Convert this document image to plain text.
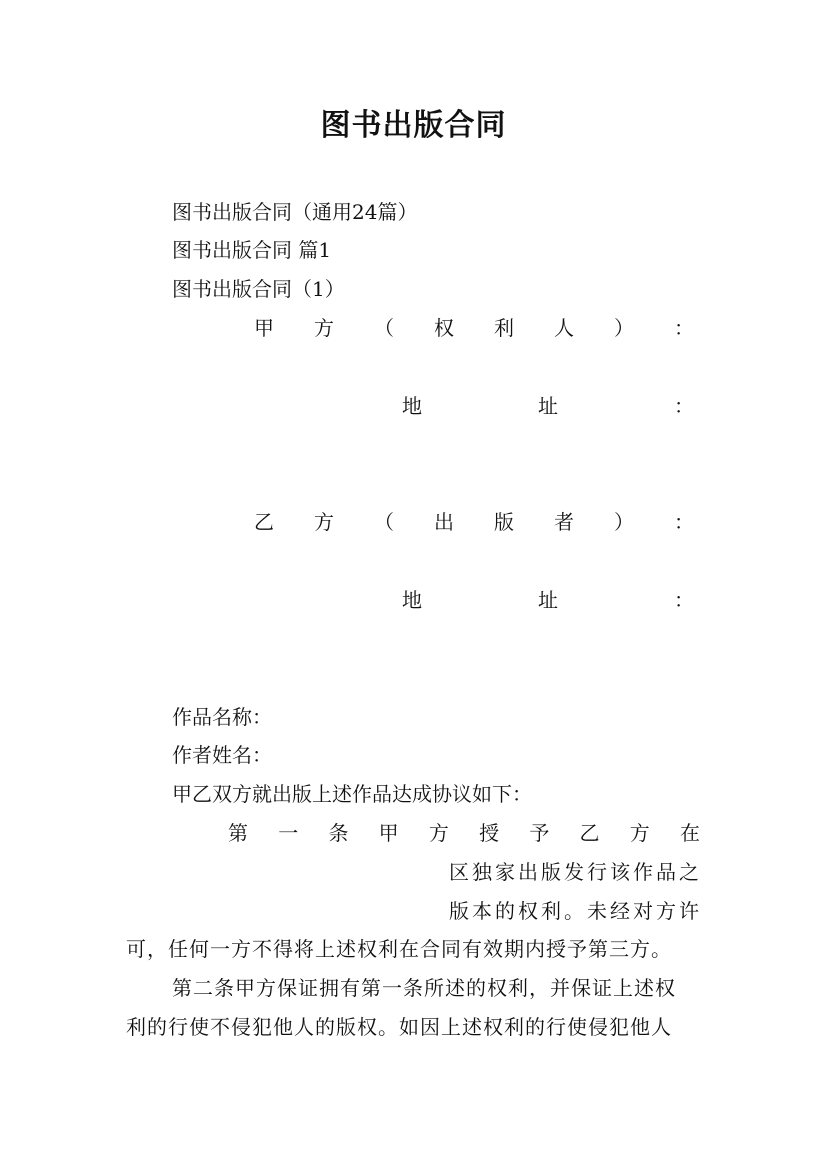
图书出版合同
图书出版合同（通用24篇）
图书出版合同 篇1
图书出版合同（1）
甲 方 （ 权 利 人 ） ：
地	址	：
乙 方 （ 出 版 者 ） ：
地	址	：
作品名称：
作者姓名：
甲乙双方就出版上述作品达成协议如下：
第 一 条 甲 方 授 予 乙 方 在
区独家出版发行该作品之
版本的权利。未经对方许
可，任何一方不得将上述权利在合同有效期内授予第三方。
第二条甲方保证拥有第一条所述的权利，并保证上述权
利的行使不侵犯他人的版权。如因上述权利的行使侵犯他人
